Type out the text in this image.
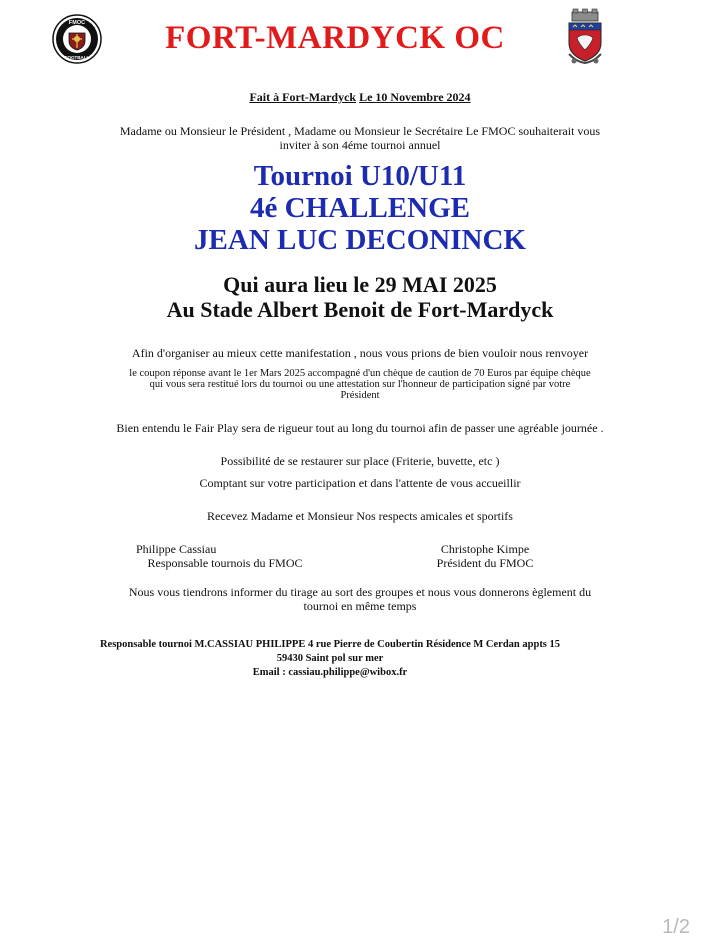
FMOC
FOOTBALL
FORT-MARDYCK OC
Fait à Fort-Mardyck Le 10 Novembre 2024
Madame ou Monsieur le Président , Madame ou Monsieur le Secrétaire Le FMOC souhaiterait vous
inviter à son 4éme tournoi annuel
Tournoi U10/U11
4é CHALLENGE
JEAN LUC DECONINCK
Qui aura lieu le 29 MAI 2025
Au Stade Albert Benoit de Fort-Mardyck
Afin d'organiser au mieux cette manifestation , nous vous prions de bien vouloir nous renvoyer
le coupon réponse avant le 1er Mars 2025 accompagné d'un chèque de caution de 70 Euros par équipe chèque
qui vous sera restitué lors du tournoi ou une attestation sur l'honneur de participation signé par votre
Président
Bien entendu le Fair Play sera de rigueur tout au long du tournoi afin de passer une agréable journée .
Possibilité de se restaurer sur place (Friterie, buvette, etc )
Comptant sur votre participation et dans l'attente de vous accueillir
Recevez Madame et Monsieur Nos respects amicales et sportifs
Philippe Cassiau
Responsable tournois du FMOC
Christophe Kimpe
Président du FMOC
Nous vous tiendrons informer du tirage au sort des groupes et nous vous donnerons èglement du
tournoi en même temps
Responsable tournoi M.CASSIAU PHILIPPE 4 rue Pierre de Coubertin Résidence M Cerdan appts 15
59430 Saint pol sur mer
Email : cassiau.philippe@wibox.fr
1/2
